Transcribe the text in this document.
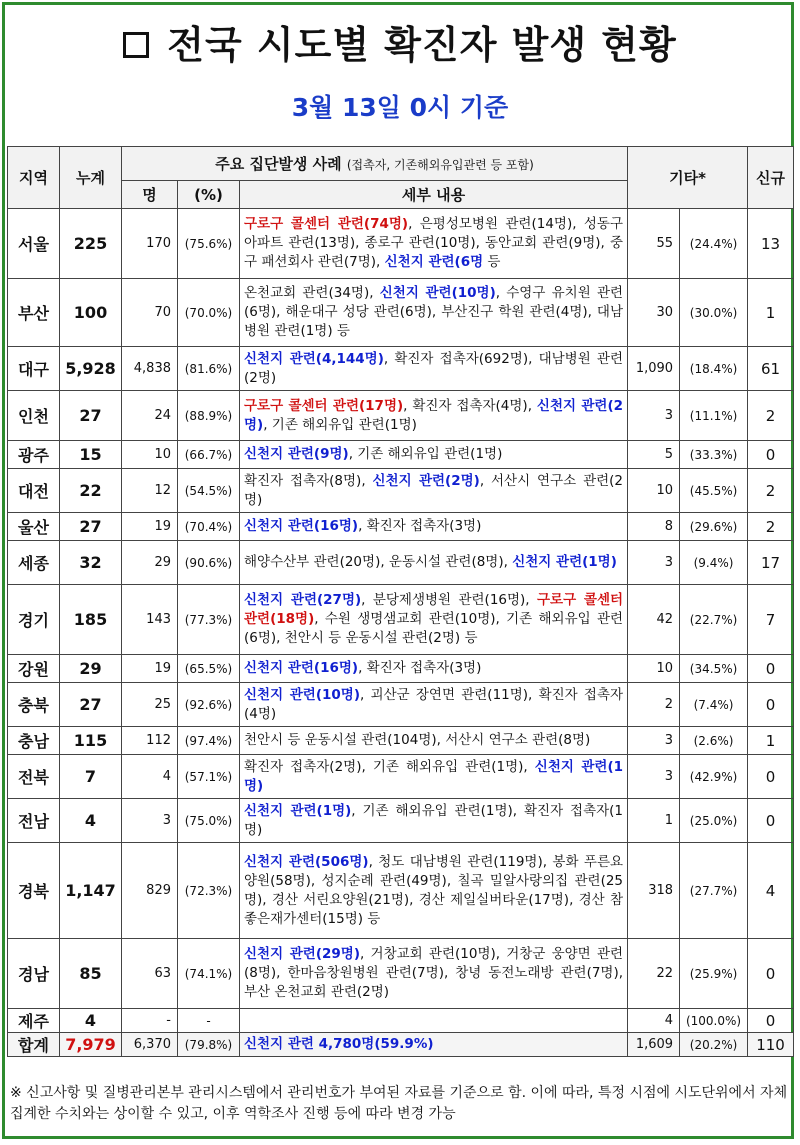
전국 시도별 확진자 발생 현황
3월 13일 0시 기준
지역	누계	주요 집단발생 사례 (접촉자, 기존해외유입관련 등 포함)			기타*		신규
		명	(%)	세부 내용			
서울	225	170	(75.6%)	구로구 콜센터 관련(74명), 은평성모병원 관련(14명), 성동구 아파트 관련(13명), 종로구 관련(10명), 동안교회 관련(9명), 중구 패션회사 관련(7명), 신천지 관련(6명 등	55	(24.4%)	13
부산	100	70	(70.0%)	온천교회 관련(34명), 신천지 관련(10명), 수영구 유치원 관련(6명), 해운대구 성당 관련(6명), 부산진구 학원 관련(4명), 대남병원 관련(1명) 등	30	(30.0%)	1
대구	5,928	4,838	(81.6%)	신천지 관련(4,144명), 확진자 접촉자(692명), 대남병원 관련(2명)	1,090	(18.4%)	61
인천	27	24	(88.9%)	구로구 콜센터 관련(17명), 확진자 접촉자(4명), 신천지 관련(2명), 기존 해외유입 관련(1명)	3	(11.1%)	2
광주	15	10	(66.7%)	신천지 관련(9명), 기존 해외유입 관련(1명)	5	(33.3%)	0
대전	22	12	(54.5%)	확진자 접촉자(8명), 신천지 관련(2명), 서산시 연구소 관련(2명)	10	(45.5%)	2
울산	27	19	(70.4%)	신천지 관련(16명), 확진자 접촉자(3명)	8	(29.6%)	2
세종	32	29	(90.6%)	해양수산부 관련(20명), 운동시설 관련(8명), 신천지 관련(1명)	3	(9.4%)	17
경기	185	143	(77.3%)	신천지 관련(27명), 분당제생병원 관련(16명), 구로구 콜센터 관련(18명), 수원 생명샘교회 관련(10명), 기존 해외유입 관련(6명), 천안시 등 운동시설 관련(2명) 등	42	(22.7%)	7
강원	29	19	(65.5%)	신천지 관련(16명), 확진자 접촉자(3명)	10	(34.5%)	0
충북	27	25	(92.6%)	신천지 관련(10명), 괴산군 장연면 관련(11명), 확진자 접촉자(4명)	2	(7.4%)	0
충남	115	112	(97.4%)	천안시 등 운동시설 관련(104명), 서산시 연구소 관련(8명)	3	(2.6%)	1
전북	7	4	(57.1%)	확진자 접촉자(2명), 기존 해외유입 관련(1명), 신천지 관련(1명)	3	(42.9%)	0
전남	4	3	(75.0%)	신천지 관련(1명), 기존 해외유입 관련(1명), 확진자 접촉자(1명)	1	(25.0%)	0
경북	1,147	829	(72.3%)	신천지 관련(506명), 청도 대남병원 관련(119명), 봉화 푸른요양원(58명), 성지순례 관련(49명), 칠곡 밀알사랑의집 관련(25명), 경산 서린요양원(21명), 경산 제일실버타운(17명), 경산 참좋은재가센터(15명) 등	318	(27.7%)	4
경남	85	63	(74.1%)	신천지 관련(29명), 거창교회 관련(10명), 거창군 웅양면 관련(8명), 한마음창원병원 관련(7명), 창녕 동전노래방 관련(7명), 부산 온천교회 관련(2명)	22	(25.9%)	0
제주	4	-	-		4	(100.0%)	0
합계	7,979	6,370	(79.8%)	신천지 관련 4,780명(59.9%)	1,609	(20.2%)	110
※ 신고사항 및 질병관리본부 관리시스템에서 관리번호가 부여된 자료를 기준으로 함. 이에 따라, 특정 시점에 시도단위에서 자체 집계한 수치와는 상이할 수 있고, 이후 역학조사 진행 등에 따라 변경 가능
